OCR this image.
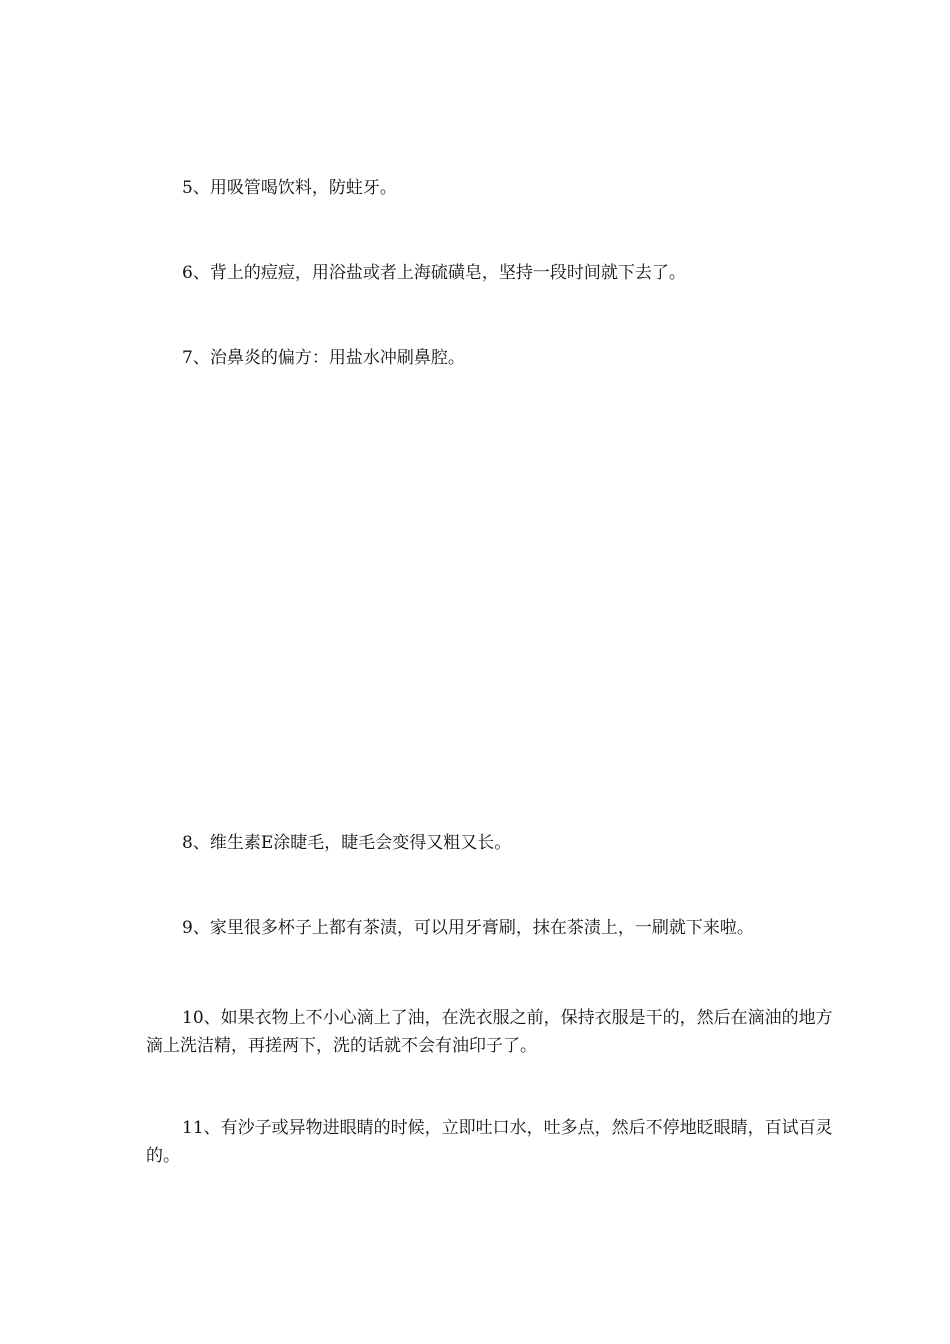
5、用吸管喝饮料，防蛀牙。

6、背上的痘痘，用浴盐或者上海硫磺皂，坚持一段时间就下去了。

7、治鼻炎的偏方：用盐水冲刷鼻腔。

8、维生素E涂睫毛，睫毛会变得又粗又长。

9、家里很多杯子上都有茶渍，可以用牙膏刷，抹在茶渍上，一刷就下来啦。

10、如果衣物上不小心滴上了油，在洗衣服之前，保持衣服是干的，然后在滴油的地方滴上洗洁精，再搓两下，洗的话就不会有油印子了。

11、有沙子或异物进眼睛的时候，立即吐口水，吐多点，然后不停地眨眼睛，百试百灵的。
